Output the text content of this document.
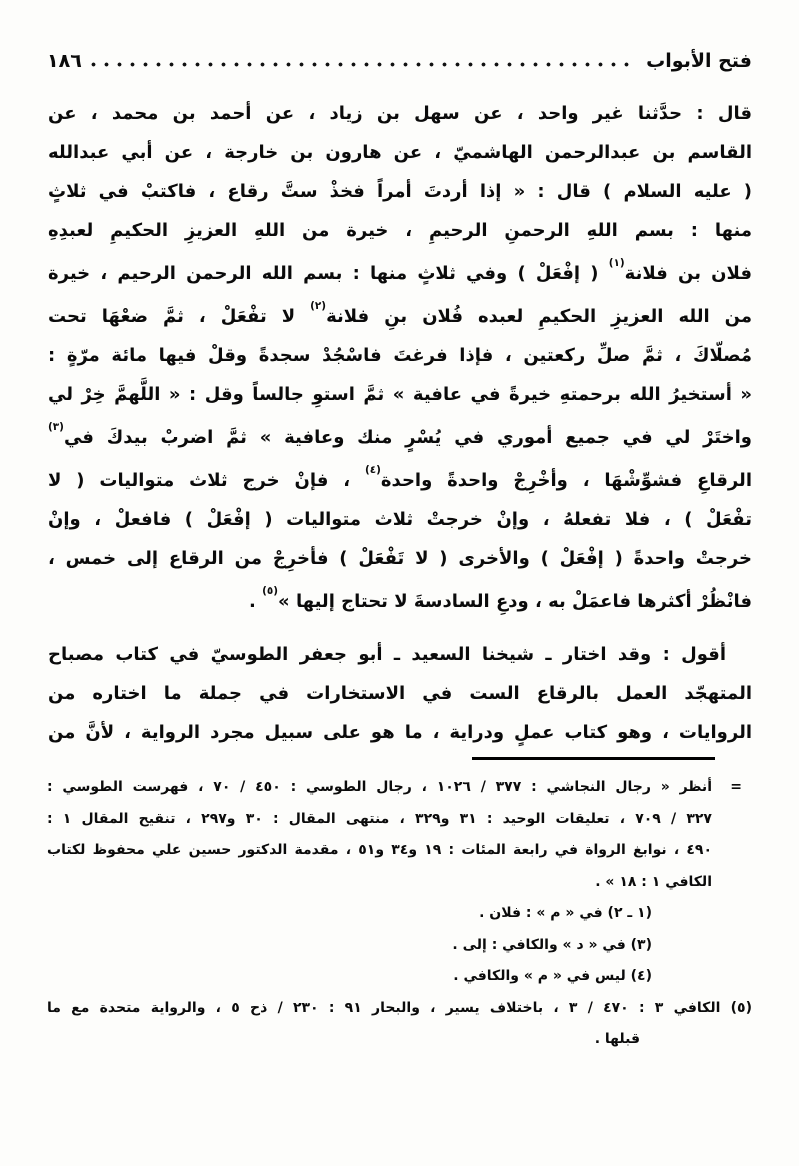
فتح الأبواب
١٨٦
قال : حدَّثنا غير واحد ، عن سهل بن زياد ، عن أحمد بن محمد ، عن
القاسم بن عبدالرحمن الهاشميّ ، عن هارون بن خارجة ، عن أبي عبدالله
( عليه السلام ) قال : « إذا أردتَ أمراً فخذْ ستَّ رقاع ، فاكتبْ في ثلاثٍ
منها : بسم اللهِ الرحمنِ الرحيمِ ، خيرة من اللهِ العزيزِ الحكيمِ لعبدِهِ
فلان بن فلانة$^{(١)}$ ( إفْعَلْ ) وفي ثلاثٍ منها : بسم الله الرحمن الرحيم ، خيرة
من الله العزيزِ الحكيمِ لعبده فُلان بنِ فلانة$^{(٢)}$ لا تفْعَلْ ، ثمَّ ضعْهَا تحت
مُصلّاكَ ، ثمَّ صلِّ ركعتين ، فإذا فرغتَ فاسْجُدْ سجدةً وقلْ فيها مائة مرّةٍ :
« أستخيرُ الله برحمتهِ خيرةً في عافية » ثمَّ استوِ جالساً وقل : « اللَّهمَّ خِرْ لي
واختَرْ لي في جميع أموري في يُسْرٍ منك وعافية » ثمَّ اضربْ بيدكَ في$^{(٣)}$
الرقاعِ فشوِّشْهَا ، وأخْرِجْ واحدةً واحدة$^{(٤)}$ ، فإنْ خرج ثلاث متواليات ( لا
تفْعَلْ ) ، فلا تفعلهُ ، وإنْ خرجتْ ثلاث متواليات ( إفْعَلْ ) فافعلْ ، وإنْ
خرجتْ واحدةً ( إفْعَلْ ) والأخرى ( لا تَفْعَلْ ) فأخرِجْ من الرقاع إلى خمس ،
فانْظُرْ أكثرها فاعمَلْ به ، ودعِ السادسةَ لا تحتاج إليها »$^{(٥)}$ .
أقول : وقد اختار ـ شيخنا السعيد ـ أبو جعفر الطوسيّ في كتاب مصباح
المتهجّد العمل بالرقاع الست في الاستخارات في جملة ما اختاره من
الروايات ، وهو كتاب عملٍ ودراية ، ما هو على سبيل مجرد الرواية ، لأنَّ من
=
أنظر « رجال النجاشي : ٣٧٧ / ١٠٢٦ ، رجال الطوسي : ٤٥٠ / ٧٠ ، فهرست الطوسي :
٣٢٧ / ٧٠٩ ، تعليقات الوحيد : ٣١ و٣٢٩ ، منتهى المقال : ٣٠ و٢٩٧ ، تنقيح المقال ١ :
٤٩٠ ، نوابغ الرواة في رابعة المئات : ١٩ و٣٤ و٥١ ، مقدمة الدكتور حسين علي محفوظ لكتاب
الكافي ١ : ١٨ » .
(١ ـ ٢) في « م » : فلان .
(٣) في « د » والكافي : إلى .
(٤) ليس في « م » والكافي .
(٥) الكافي ٣ : ٤٧٠ / ٣ ، باختلاف يسير ، والبحار ٩١ : ٢٣٠ / ذح ٥ ، والرواية متحدة مع ما
قبلها .
